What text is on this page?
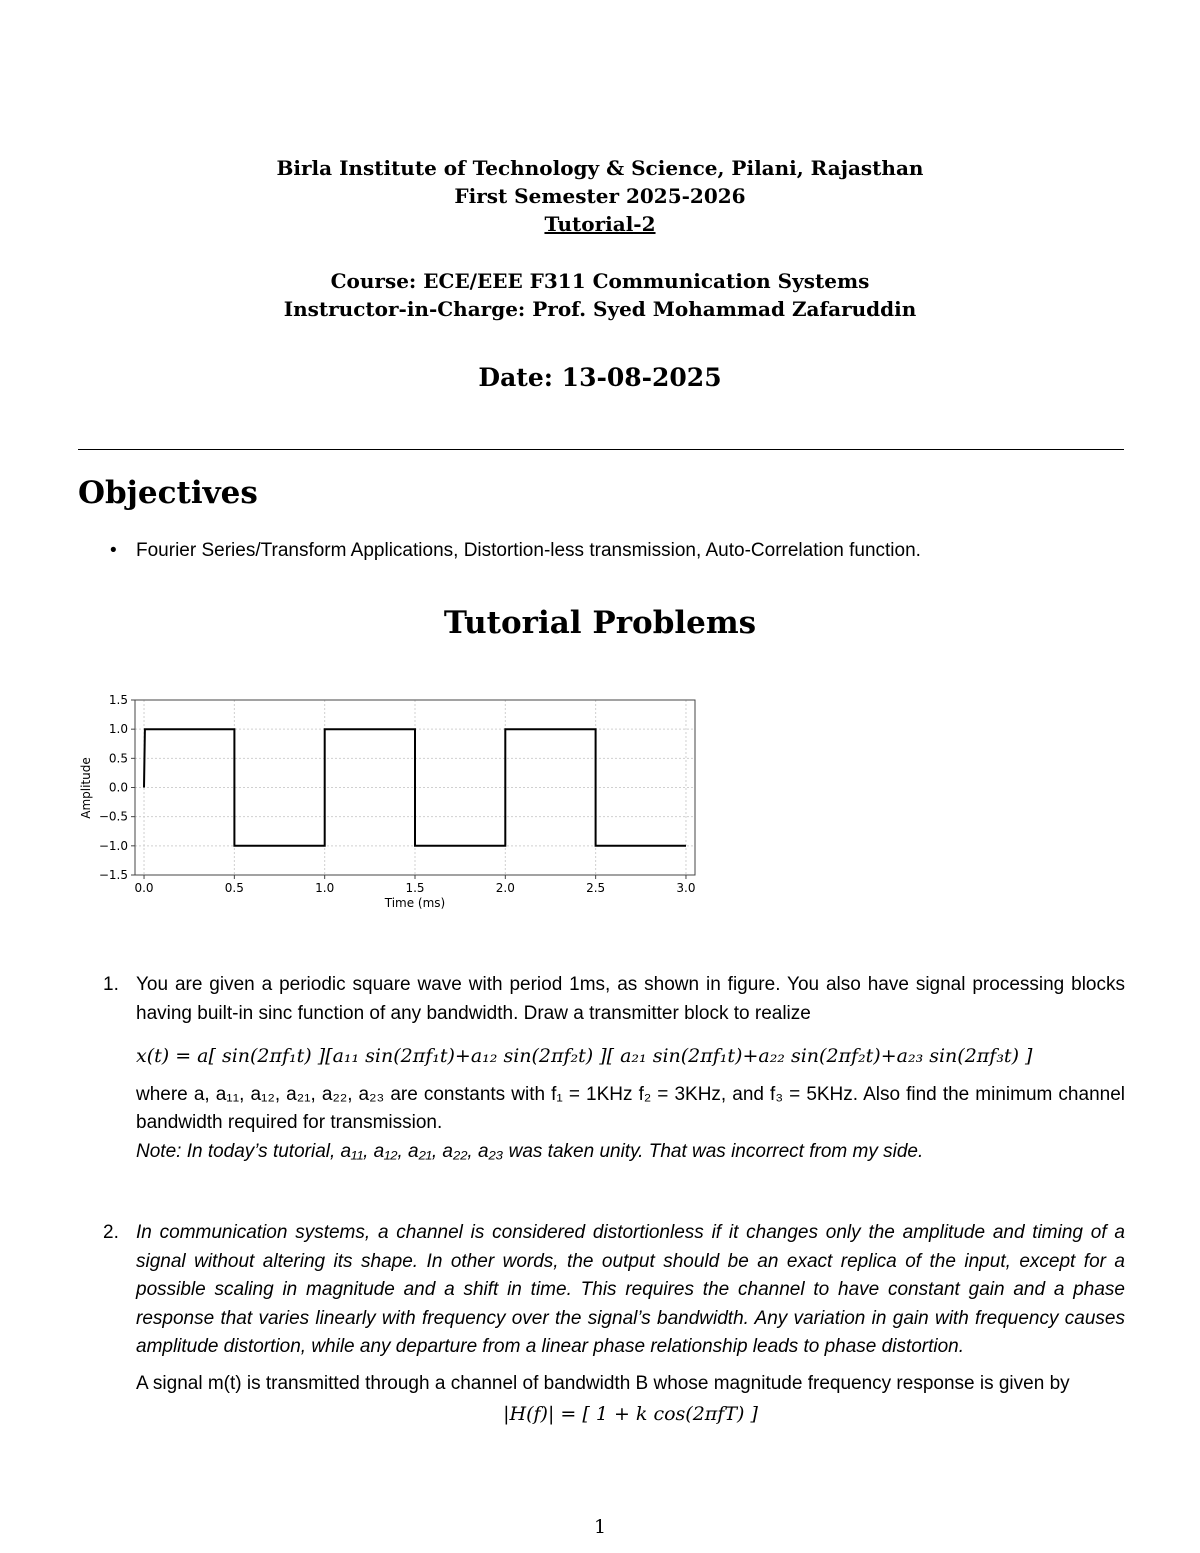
Birla Institute of Technology & Science, Pilani, Rajasthan
First Semester 2025-2026
Tutorial-2
Course: ECE/EEE F311 Communication Systems
Instructor-in-Charge: Prof. Syed Mohammad Zafaruddin
Date: 13-08-2025
Objectives
• Fourier Series/Transform Applications, Distortion-less transmission, Auto-Correlation function.
Tutorial Problems
0.0	0.5	1.0	1.5	2.0	2.5	3.0
1.5
1.0
0.5
0.0
−0.5
−1.0
−1.5
Time (ms)
Amplitude
1. You are given a periodic square wave with period 1ms, as shown in figure. You also have signal processing blocks having built-in sinc function of any bandwidth. Draw a transmitter block to realize

x(t) = a[ sin(2πf₁t) ][a₁₁ sin(2πf₁t)+a₁₂ sin(2πf₂t) ][ a₂₁ sin(2πf₁t)+a₂₂ sin(2πf₂t)+a₂₃ sin(2πf₃t) ]

where a, a₁₁, a₁₂, a₂₁, a₂₂, a₂₃ are constants with f₁ = 1KHz f₂ = 3KHz, and f₃ = 5KHz. Also find the minimum channel bandwidth required for transmission.

Note: In today’s tutorial, a₁₁, a₁₂, a₂₁, a₂₂, a₂₃ was taken unity. That was incorrect from my side.

2. In communication systems, a channel is considered distortionless if it changes only the amplitude and timing of a signal without altering its shape. In other words, the output should be an exact replica of the input, except for a possible scaling in magnitude and a shift in time. This requires the channel to have constant gain and a phase response that varies linearly with frequency over the signal’s bandwidth. Any variation in gain with frequency causes amplitude distortion, while any departure from a linear phase relationship leads to phase distortion.

A signal m(t) is transmitted through a channel of bandwidth B whose magnitude frequency response is given by

|H(f)| = [ 1 + k cos(2πfT) ]
1
